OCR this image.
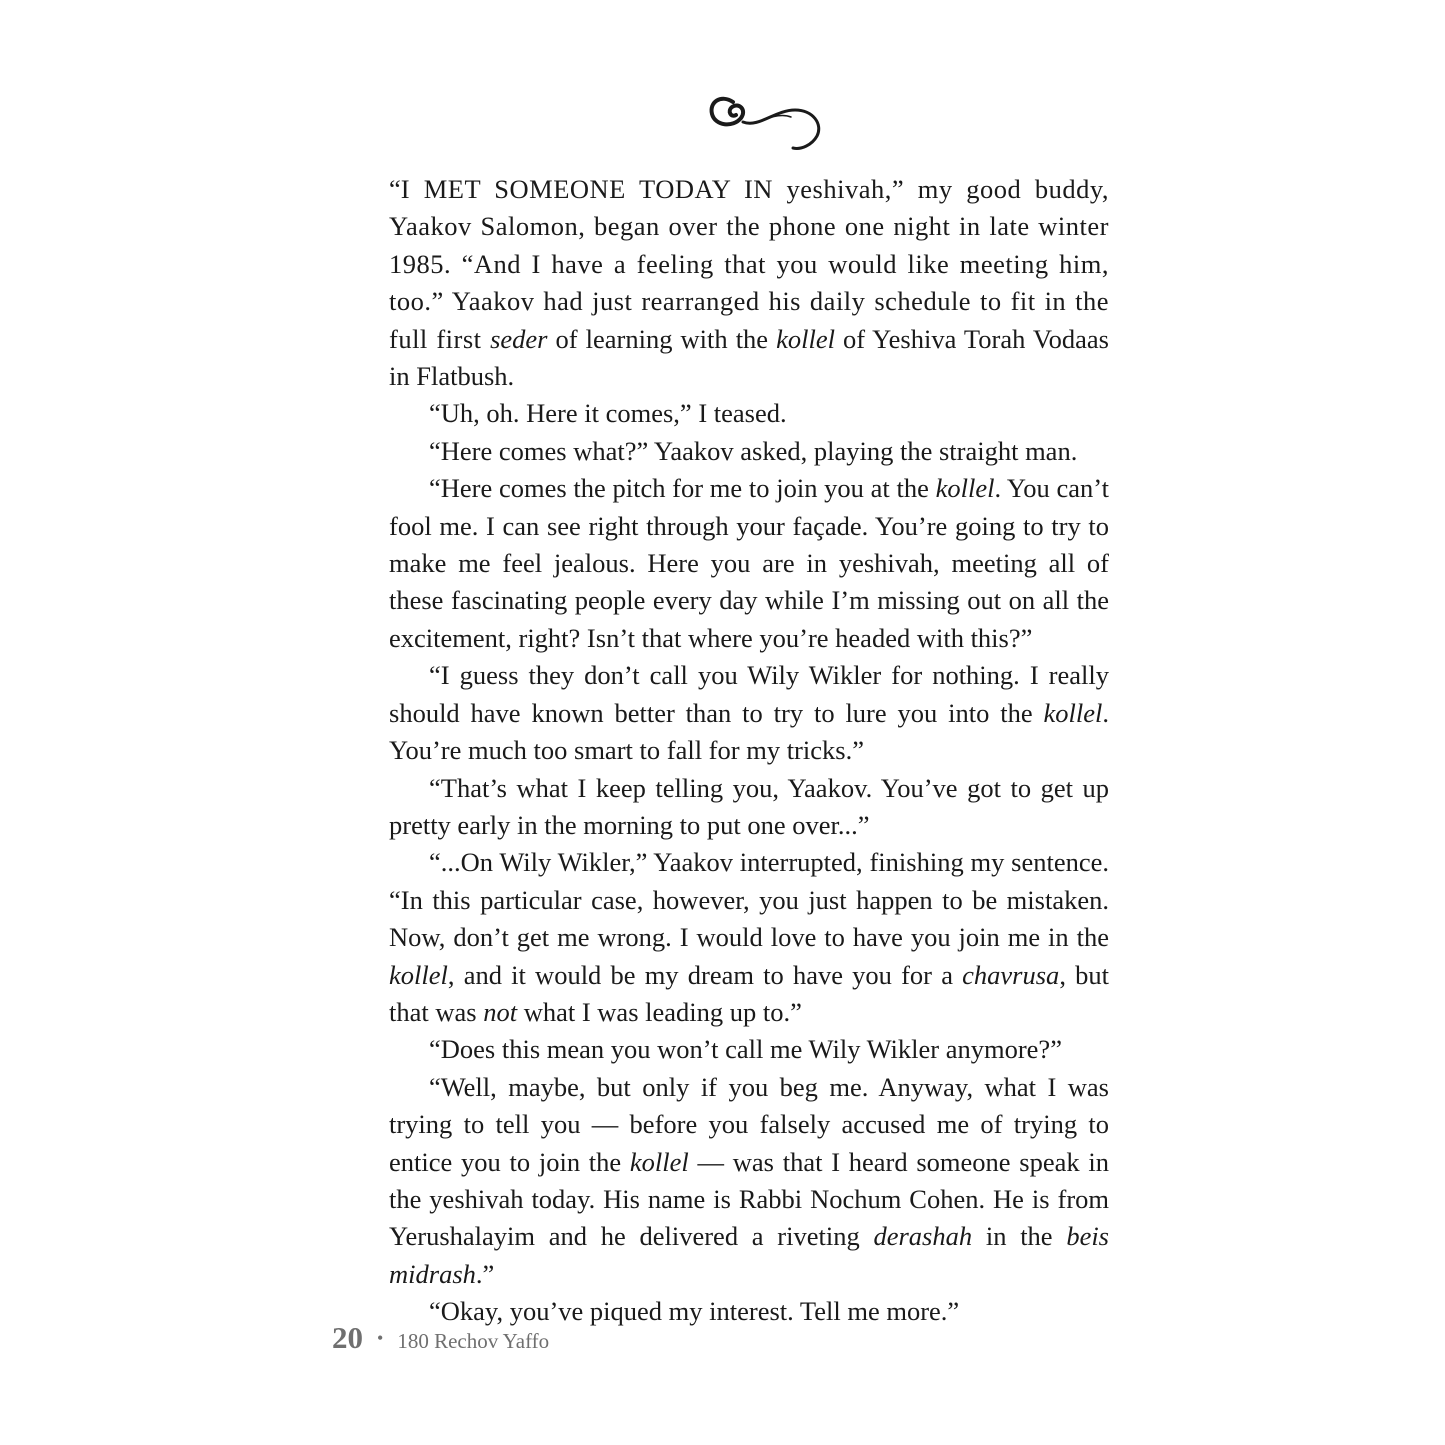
“I MET SOMEONE TODAY IN yeshivah,” my good buddy, Yaakov Salomon, began over the phone one night in late winter 1985. “And I have a feeling that you would like meeting him, too.” Yaakov had just rearranged his daily schedule to fit in the full first seder of learning with the kollel of Yeshiva Torah Vodaas in Flatbush.

“Uh, oh. Here it comes,” I teased.

“Here comes what?” Yaakov asked, playing the straight man.

“Here comes the pitch for me to join you at the kollel. You can’t fool me. I can see right through your façade. You’re going to try to make me feel jealous. Here you are in yeshivah, meeting all of these fascinating people every day while I’m missing out on all the excitement, right? Isn’t that where you’re headed with this?”

“I guess they don’t call you Wily Wikler for nothing. I really should have known better than to try to lure you into the kollel. You’re much too smart to fall for my tricks.”

“That’s what I keep telling you, Yaakov. You’ve got to get up pretty early in the morning to put one over...”

“...On Wily Wikler,” Yaakov interrupted, finishing my sentence. “In this particular case, however, you just happen to be mistaken. Now, don’t get me wrong. I would love to have you join me in the kollel, and it would be my dream to have you for a chavrusa, but that was not what I was leading up to.”

“Does this mean you won’t call me Wily Wikler anymore?”

“Well, maybe, but only if you beg me. Anyway, what I was trying to tell you — before you falsely accused me of trying to entice you to join the kollel — was that I heard someone speak in the yeshivah today. His name is Rabbi Nochum Cohen. He is from Yerushalayim and he delivered a riveting derashah in the beis midrash.”

“Okay, you’ve piqued my interest. Tell me more.”

20 • 180 Rechov Yaffo
